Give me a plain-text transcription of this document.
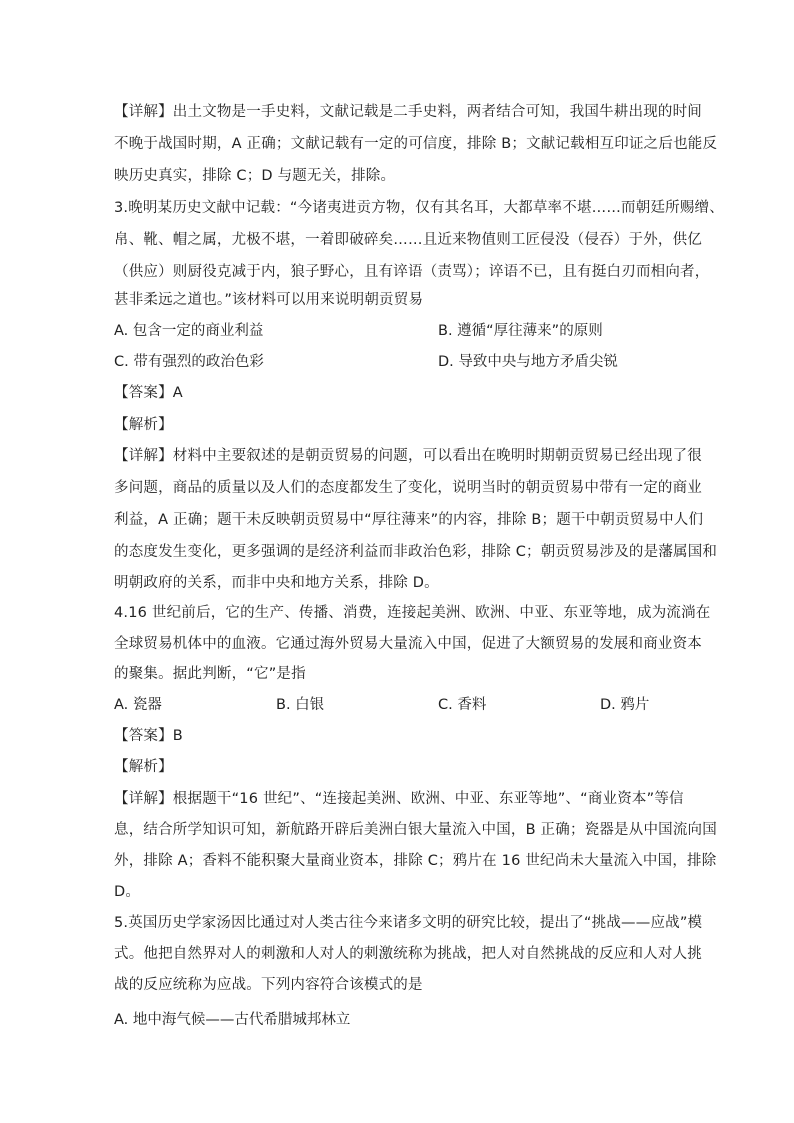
【详解】出土文物是一手史料，文献记载是二手史料，两者结合可知，我国牛耕出现的时间
不晚于战国时期，A 正确；文献记载有一定的可信度，排除 B；文献记载相互印证之后也能反
映历史真实，排除 C；D 与题无关，排除。
3.晚明某历史文献中记载：“今诸夷进贡方物，仅有其名耳，大都草率不堪……而朝廷所赐缯、
帛、靴、帽之属，尤极不堪，一着即破碎矣……且近来物值则工匠侵没（侵吞）于外，供亿
（供应）则厨役克减于内，狼子野心，且有谇语（责骂）；谇语不已，且有挺白刃而相向者，
甚非柔远之道也。”该材料可以用来说明朝贡贸易
A. 包含一定的商业利益	B. 遵循“厚往薄来”的原则
C. 带有强烈的政治色彩	D. 导致中央与地方矛盾尖锐
【答案】A
【解析】
【详解】材料中主要叙述的是朝贡贸易的问题，可以看出在晚明时期朝贡贸易已经出现了很
多问题，商品的质量以及人们的态度都发生了变化，说明当时的朝贡贸易中带有一定的商业
利益，A 正确；题干未反映朝贡贸易中“厚往薄来”的内容，排除 B；题干中朝贡贸易中人们
的态度发生变化，更多强调的是经济利益而非政治色彩，排除 C；朝贡贸易涉及的是藩属国和
明朝政府的关系，而非中央和地方关系，排除 D。
4.16 世纪前后，它的生产、传播、消费，连接起美洲、欧洲、中亚、东亚等地，成为流淌在
全球贸易机体中的血液。它通过海外贸易大量流入中国，促进了大额贸易的发展和商业资本
的聚集。据此判断，“它”是指
A. 瓷器	B. 白银	C. 香料	D. 鸦片
【答案】B
【解析】
【详解】根据题干“16 世纪”、“连接起美洲、欧洲、中亚、东亚等地”、“商业资本”等信
息，结合所学知识可知，新航路开辟后美洲白银大量流入中国，B 正确；瓷器是从中国流向国
外，排除 A；香料不能积聚大量商业资本，排除 C；鸦片在 16 世纪尚未大量流入中国，排除
D。
5.英国历史学家汤因比通过对人类古往今来诸多文明的研究比较，提出了“挑战——应战”模
式。他把自然界对人的刺激和人对人的刺激统称为挑战，把人对自然挑战的反应和人对人挑
战的反应统称为应战。下列内容符合该模式的是
A. 地中海气候——古代希腊城邦林立
